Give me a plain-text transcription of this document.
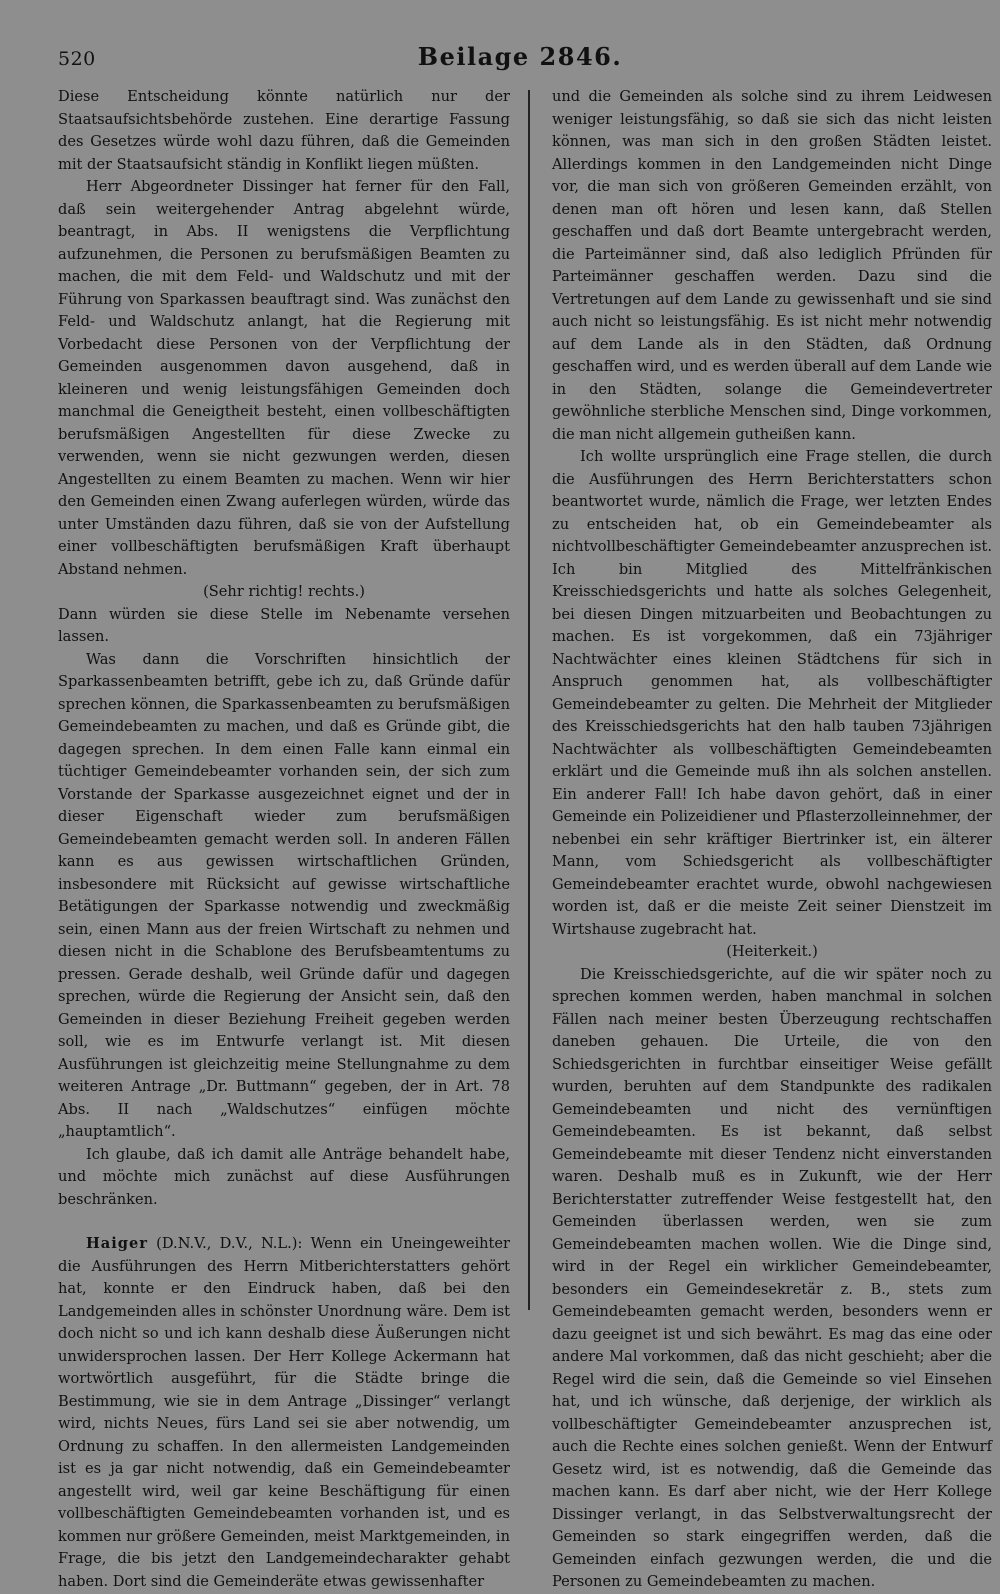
520	Beilage 2846.

Diese Entscheidung könnte natürlich nur der Staatsaufsichtsbehörde zustehen. Eine derartige Fassung des Gesetzes würde wohl dazu führen, daß die Gemeinden mit der Staatsaufsicht ständig in Konflikt liegen müßten.

Herr Abgeordneter Dissinger hat ferner für den Fall, daß sein weitergehender Antrag abgelehnt würde, beantragt, in Abs. II wenigstens die Verpflichtung aufzunehmen, die Personen zu berufsmäßigen Beamten zu machen, die mit dem Feld- und Waldschutz und mit der Führung von Sparkassen beauftragt sind. Was zunächst den Feld- und Waldschutz anlangt, hat die Regierung mit Vorbedacht diese Personen von der Verpflichtung der Gemeinden ausgenommen davon ausgehend, daß in kleineren und wenig leistungsfähigen Gemeinden doch manchmal die Geneigtheit besteht, einen vollbeschäftigten berufsmäßigen Angestellten für diese Zwecke zu verwenden, wenn sie nicht gezwungen werden, diesen Angestellten zu einem Beamten zu machen. Wenn wir hier den Gemeinden einen Zwang auferlegen würden, würde das unter Umständen dazu führen, daß sie von der Aufstellung einer vollbeschäftigten berufsmäßigen Kraft überhaupt Abstand nehmen.

(Sehr richtig! rechts.)

Dann würden sie diese Stelle im Nebenamte versehen lassen.

Was dann die Vorschriften hinsichtlich der Sparkassenbeamten betrifft, gebe ich zu, daß Gründe dafür sprechen können, die Sparkassenbeamten zu berufsmäßigen Gemeindebeamten zu machen, und daß es Gründe gibt, die dagegen sprechen. In dem einen Falle kann einmal ein tüchtiger Gemeindebeamter vorhanden sein, der sich zum Vorstande der Sparkasse ausgezeichnet eignet und der in dieser Eigenschaft wieder zum berufsmäßigen Gemeindebeamten gemacht werden soll. In anderen Fällen kann es aus gewissen wirtschaftlichen Gründen, insbesondere mit Rücksicht auf gewisse wirtschaftliche Betätigungen der Sparkasse notwendig und zweckmäßig sein, einen Mann aus der freien Wirtschaft zu nehmen und diesen nicht in die Schablone des Berufsbeamtentums zu pressen. Gerade deshalb, weil Gründe dafür und dagegen sprechen, würde die Regierung der Ansicht sein, daß den Gemeinden in dieser Beziehung Freiheit gegeben werden soll, wie es im Entwurfe verlangt ist. Mit diesen Ausführungen ist gleichzeitig meine Stellungnahme zu dem weiteren Antrage „Dr. Buttmann“ gegeben, der in Art. 78 Abs. II nach „Waldschutzes“ einfügen möchte „hauptamtlich“.

Ich glaube, daß ich damit alle Anträge behandelt habe, und möchte mich zunächst auf diese Ausführungen beschränken.

Haiger (D.N.V., D.V., N.L.): Wenn ein Uneingeweihter die Ausführungen des Herrn Mitberichterstatters gehört hat, konnte er den Eindruck haben, daß bei den Landgemeinden alles in schönster Unordnung wäre. Dem ist doch nicht so und ich kann deshalb diese Äußerungen nicht unwidersprochen lassen. Der Herr Kollege Ackermann hat wortwörtlich ausgeführt, für die Städte bringe die Bestimmung, wie sie in dem Antrage „Dissinger“ verlangt wird, nichts Neues, fürs Land sei sie aber notwendig, um Ordnung zu schaffen. In den allermeisten Landgemeinden ist es ja gar nicht notwendig, daß ein Gemeindebeamter angestellt wird, weil gar keine Beschäftigung für einen vollbeschäftigten Gemeindebeamten vorhanden ist, und es kommen nur größere Gemeinden, meist Marktgemeinden, in Frage, die bis jetzt den Landgemeindecharakter gehabt haben. Dort sind die Gemeinderäte etwas gewissenhafter

und die Gemeinden als solche sind zu ihrem Leidwesen weniger leistungsfähig, so daß sie sich das nicht leisten können, was man sich in den großen Städten leistet. Allerdings kommen in den Landgemeinden nicht Dinge vor, die man sich von größeren Gemeinden erzählt, von denen man oft hören und lesen kann, daß Stellen geschaffen und daß dort Beamte untergebracht werden, die Parteimänner sind, daß also lediglich Pfründen für Parteimänner geschaffen werden. Dazu sind die Vertretungen auf dem Lande zu gewissenhaft und sie sind auch nicht so leistungsfähig. Es ist nicht mehr notwendig auf dem Lande als in den Städten, daß Ordnung geschaffen wird, und es werden überall auf dem Lande wie in den Städten, solange die Gemeindevertreter gewöhnliche sterbliche Menschen sind, Dinge vorkommen, die man nicht allgemein gutheißen kann.

Ich wollte ursprünglich eine Frage stellen, die durch die Ausführungen des Herrn Berichterstatters schon beantwortet wurde, nämlich die Frage, wer letzten Endes zu entscheiden hat, ob ein Gemeindebeamter als nichtvollbeschäftigter Gemeindebeamter anzusprechen ist. Ich bin Mitglied des Mittelfränkischen Kreisschiedsgerichts und hatte als solches Gelegenheit, bei diesen Dingen mitzuarbeiten und Beobachtungen zu machen. Es ist vorgekommen, daß ein 73jähriger Nachtwächter eines kleinen Städtchens für sich in Anspruch genommen hat, als vollbeschäftigter Gemeindebeamter zu gelten. Die Mehrheit der Mitglieder des Kreisschiedsgerichts hat den halb tauben 73jährigen Nachtwächter als vollbeschäftigten Gemeindebeamten erklärt und die Gemeinde muß ihn als solchen anstellen. Ein anderer Fall! Ich habe davon gehört, daß in einer Gemeinde ein Polizeidiener und Pflasterzolleinnehmer, der nebenbei ein sehr kräftiger Biertrinker ist, ein älterer Mann, vom Schiedsgericht als vollbeschäftigter Gemeindebeamter erachtet wurde, obwohl nachgewiesen worden ist, daß er die meiste Zeit seiner Dienstzeit im Wirtshause zugebracht hat.

(Heiterkeit.)

Die Kreisschiedsgerichte, auf die wir später noch zu sprechen kommen werden, haben manchmal in solchen Fällen nach meiner besten Überzeugung rechtschaffen daneben gehauen. Die Urteile, die von den Schiedsgerichten in furchtbar einseitiger Weise gefällt wurden, beruhten auf dem Standpunkte des radikalen Gemeindebeamten und nicht des vernünftigen Gemeindebeamten. Es ist bekannt, daß selbst Gemeindebeamte mit dieser Tendenz nicht einverstanden waren. Deshalb muß es in Zukunft, wie der Herr Berichterstatter zutreffender Weise festgestellt hat, den Gemeinden überlassen werden, wen sie zum Gemeindebeamten machen wollen. Wie die Dinge sind, wird in der Regel ein wirklicher Gemeindebeamter, besonders ein Gemeindesekretär z. B., stets zum Gemeindebeamten gemacht werden, besonders wenn er dazu geeignet ist und sich bewährt. Es mag das eine oder andere Mal vorkommen, daß das nicht geschieht; aber die Regel wird die sein, daß die Gemeinde so viel Einsehen hat, und ich wünsche, daß derjenige, der wirklich als vollbeschäftigter Gemeindebeamter anzusprechen ist, auch die Rechte eines solchen genießt. Wenn der Entwurf Gesetz wird, ist es notwendig, daß die Gemeinde das machen kann. Es darf aber nicht, wie der Herr Kollege Dissinger verlangt, in das Selbstverwaltungsrecht der Gemeinden so stark eingegriffen werden, daß die Gemeinden einfach gezwungen werden, die und die Personen zu Gemeindebeamten zu machen.
